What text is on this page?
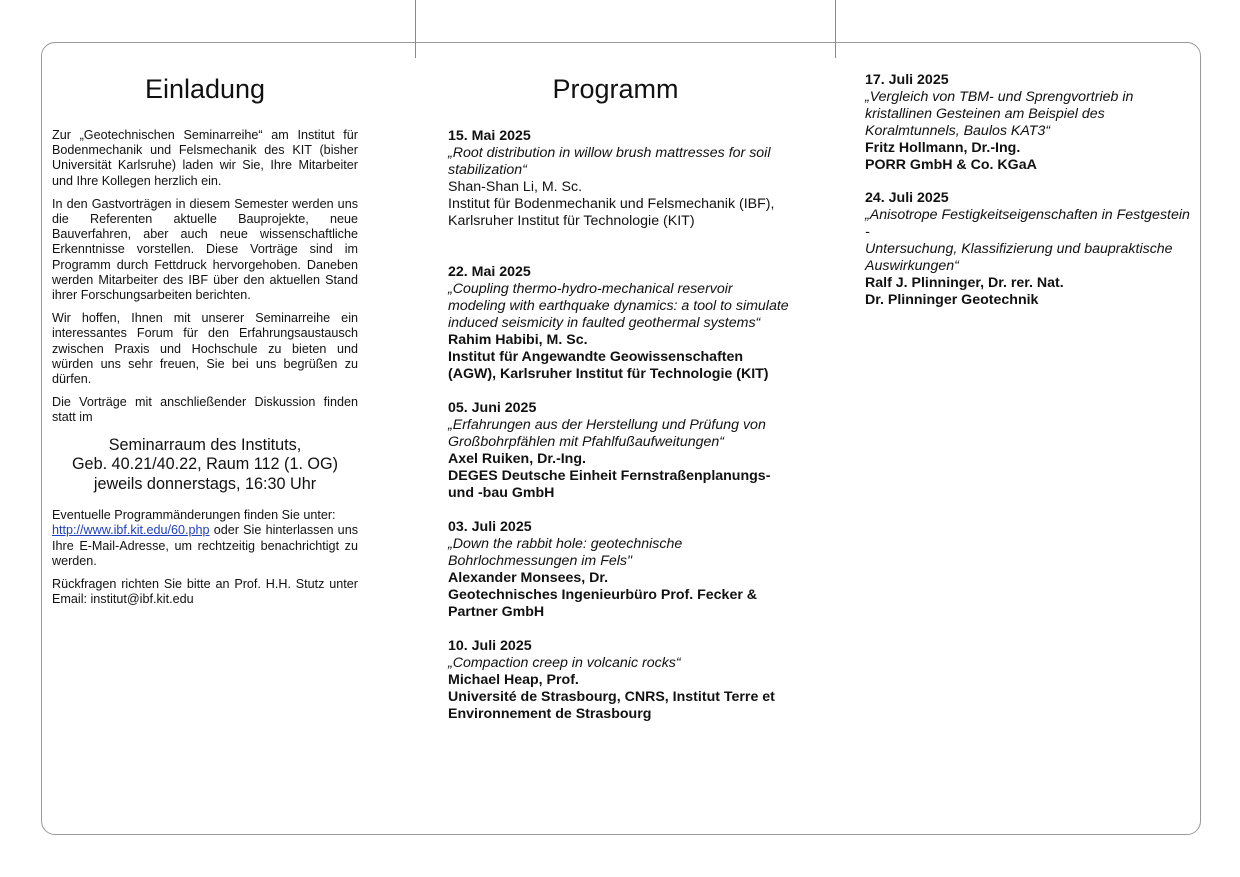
Einladung

Zur „Geotechnischen Seminarreihe“ am Institut für Bodenmechanik und Felsmechanik des KIT (bisher Universität Karlsruhe) laden wir Sie, Ihre Mitarbeiter und Ihre Kollegen herzlich ein.

In den Gastvorträgen in diesem Semester werden uns die Referenten aktuelle Bauprojekte, neue Bauverfahren, aber auch neue wissenschaftliche Erkenntnisse vorstellen. Diese Vorträge sind im Programm durch Fettdruck hervorgehoben. Daneben werden Mitarbeiter des IBF über den aktuellen Stand ihrer Forschungsarbeiten berichten.

Wir hoffen, Ihnen mit unserer Seminarreihe ein interessantes Forum für den Erfahrungsaustausch zwischen Praxis und Hochschule zu bieten und würden uns sehr freuen, Sie bei uns begrüßen zu dürfen.

Die Vorträge mit anschließender Diskussion finden statt im

Seminarraum des Instituts,
Geb. 40.21/40.22, Raum 112 (1. OG)
jeweils donnerstags, 16:30 Uhr

Eventuelle Programmänderungen finden Sie unter:
http://www.ibf.kit.edu/60.php oder Sie hinterlassen uns Ihre E-Mail-Adresse, um rechtzeitig benachrichtigt zu werden.

Rückfragen richten Sie bitte an Prof. H.H. Stutz unter Email: institut@ibf.kit.edu

Programm
15. Mai 2025
„Root distribution in willow brush mattresses for soil stabilization“
Shan-Shan Li, M. Sc.
Institut für Bodenmechanik und Felsmechanik (IBF), Karlsruher Institut für Technologie (KIT)
22. Mai 2025
„Coupling thermo-hydro-mechanical reservoir modeling with earthquake dynamics: a tool to simulate induced seismicity in faulted geothermal systems“
Rahim Habibi, M. Sc.
Institut für Angewandte Geowissenschaften (AGW), Karlsruher Institut für Technologie (KIT)
05. Juni 2025
„Erfahrungen aus der Herstellung und Prüfung von Großbohrpfählen mit Pfahlfußaufweitungen“
Axel Ruiken, Dr.-Ing.
DEGES Deutsche Einheit Fernstraßenplanungs- und -bau GmbH
03. Juli 2025
„Down the rabbit hole: geotechnische Bohrlochmessungen im Fels"
Alexander Monsees, Dr.
Geotechnisches Ingenieurbüro Prof. Fecker & Partner GmbH
10. Juli 2025
„Compaction creep in volcanic rocks“
Michael Heap, Prof.
Université de Strasbourg, CNRS, Institut Terre et Environnement de Strasbourg
17. Juli 2025
„Vergleich von TBM- und Sprengvortrieb in kristallinen Gesteinen am Beispiel des Koralmtunnels, Baulos KAT3“
Fritz Hollmann, Dr.-Ing.
PORR GmbH & Co. KGaA
24. Juli 2025
„Anisotrope Festigkeitseigenschaften in Festgestein -
Untersuchung, Klassifizierung und baupraktische Auswirkungen“
Ralf J. Plinninger, Dr. rer. Nat.
Dr. Plinninger Geotechnik
